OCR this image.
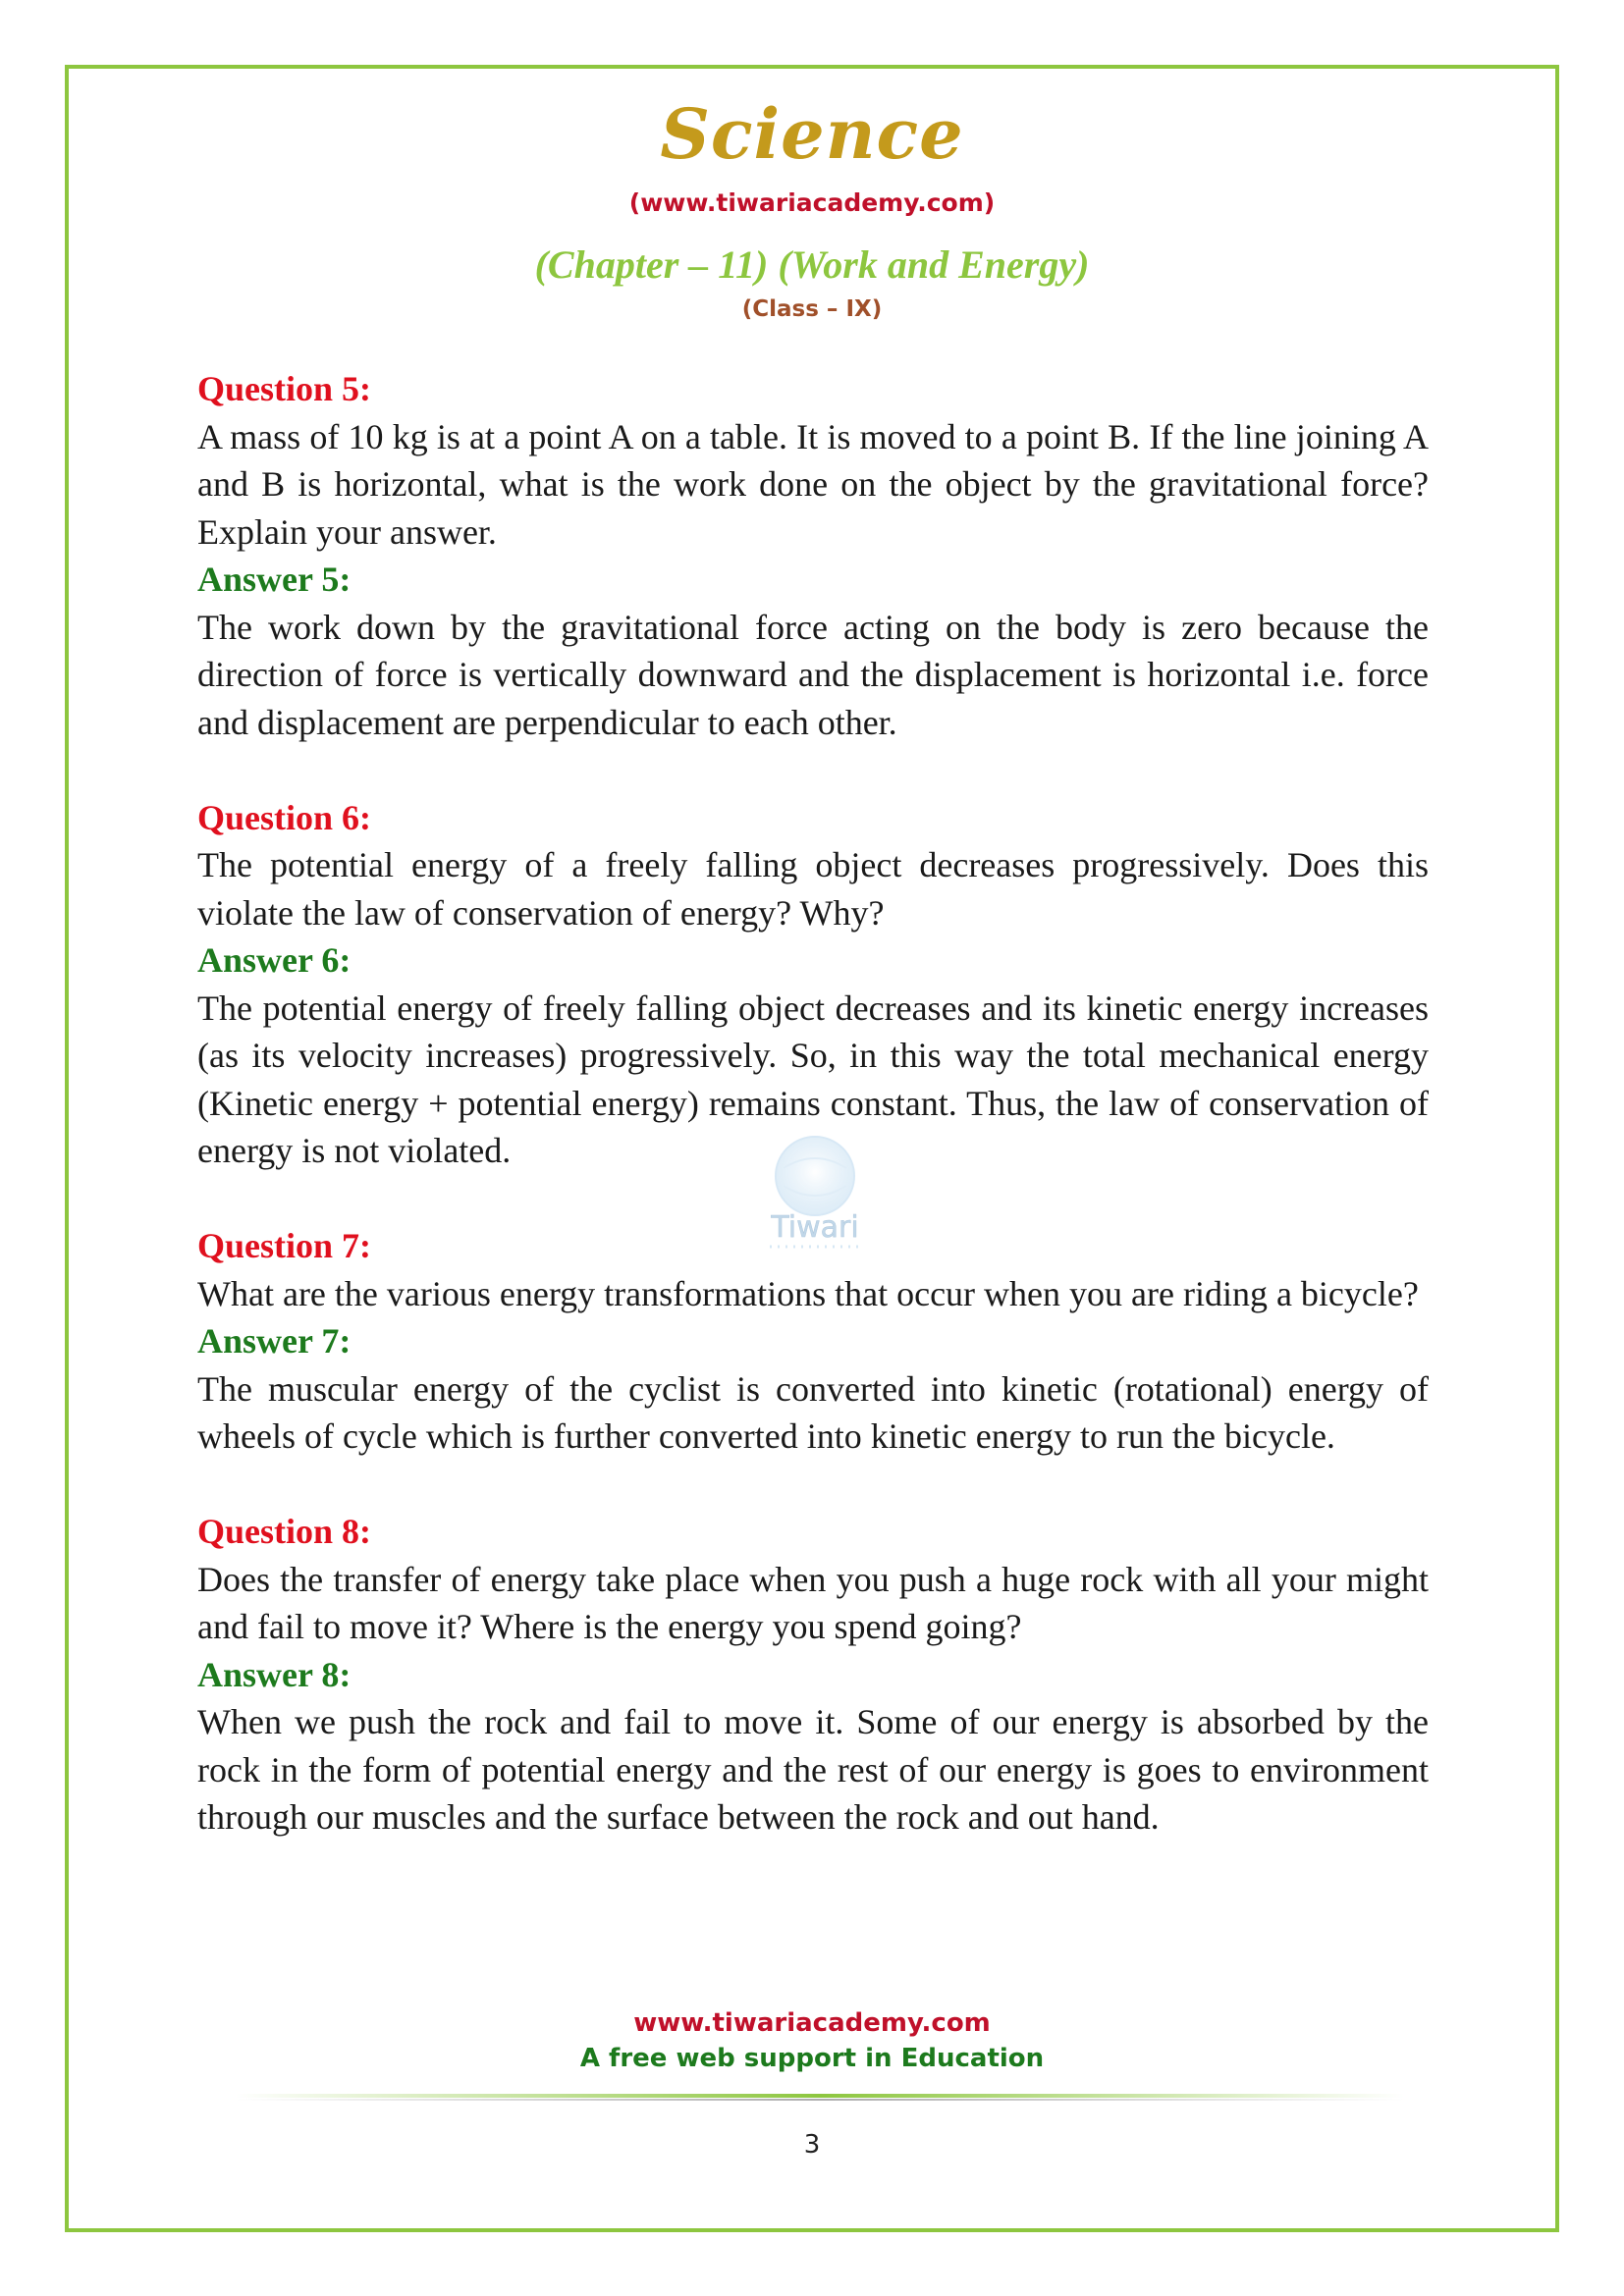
Science
(www.tiwariacademy.com)
(Chapter – 11) (Work and Energy)
(Class – IX)
Question 5:
A mass of 10 kg is at a point A on a table. It is moved to a point B. If the line joining A and B is horizontal, what is the work done on the object by the gravitational force? Explain your answer.
Answer 5:
The work down by the gravitational force acting on the body is zero because the direction of force is vertically downward and the displacement is horizontal i.e. force and displacement are perpendicular to each other.
Question 6:
The potential energy of a freely falling object decreases progressively. Does this violate the law of conservation of energy? Why?
Answer 6:
The potential energy of freely falling object decreases and its kinetic energy increases (as its velocity increases) progressively. So, in this way the total mechanical energy (Kinetic energy + potential energy) remains constant. Thus, the law of conservation of energy is not violated.
Question 7:
What are the various energy transformations that occur when you are riding a bicycle?
Answer 7:
The muscular energy of the cyclist is converted into kinetic (rotational) energy of wheels of cycle which is further converted into kinetic energy to run the bicycle.
Question 8:
Does the transfer of energy take place when you push a huge rock with all your might and fail to move it? Where is the energy you spend going?
Answer 8:
When we push the rock and fail to move it. Some of our energy is absorbed by the rock in the form of potential energy and the rest of our energy is goes to environment through our muscles and the surface between the rock and out hand.
Tiwari
www.tiwariacademy.com
A free web support in Education
3
